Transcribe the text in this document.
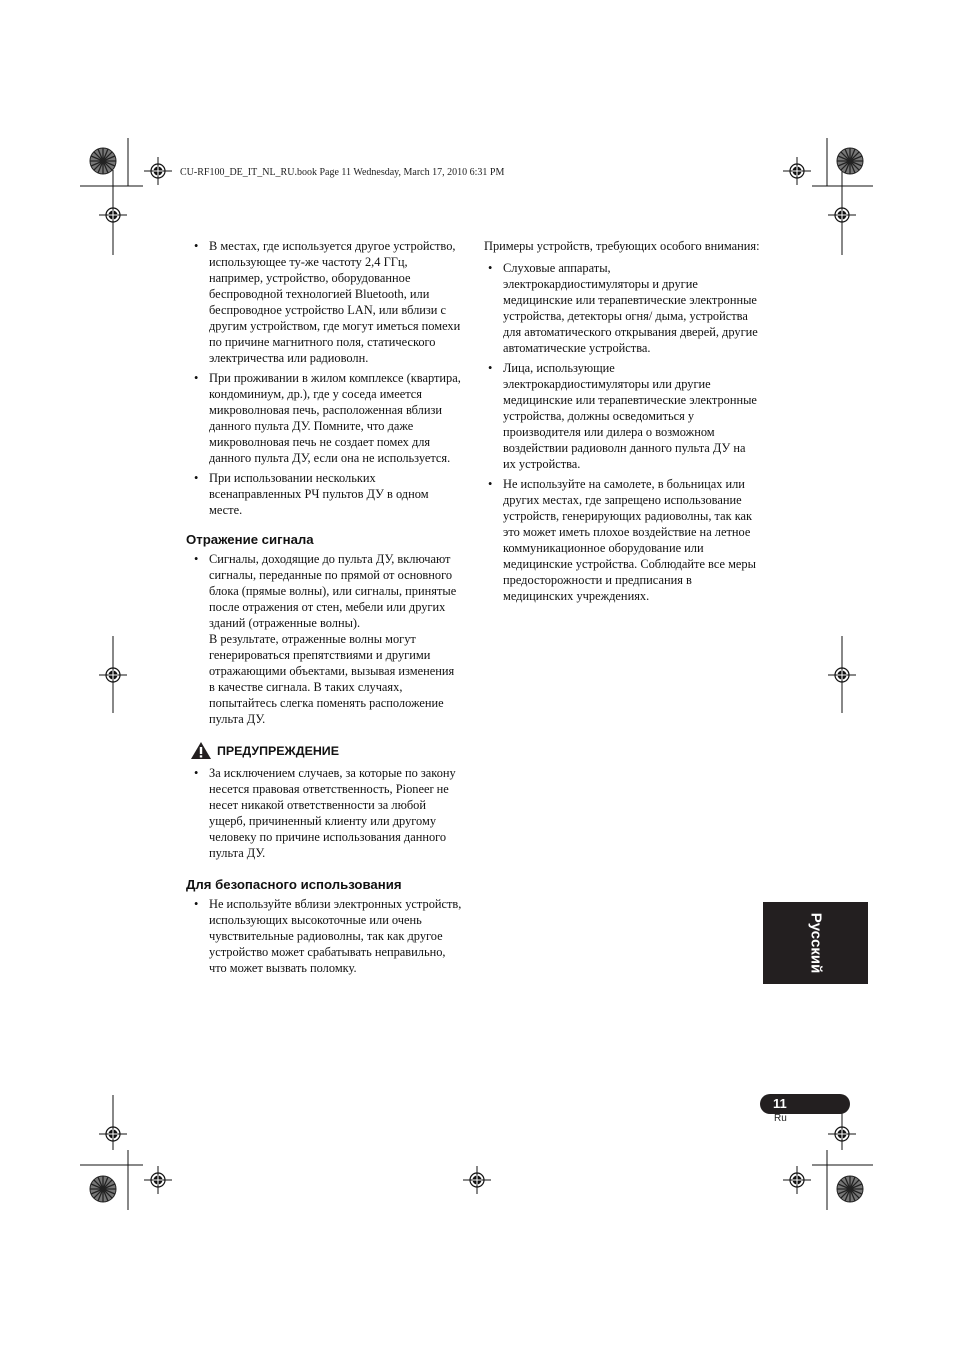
CU-RF100_DE_IT_NL_RU.book Page 11 Wednesday, March 17, 2010 6:31 PM
• В местах, где используется другое устройство, использующее ту-же частоту 2,4 ГГц, например, устройство, оборудованное беспроводной технологией Bluetooth, или беспроводное устройство LAN, или вблизи с другим устройством, где могут иметься помехи по причине магнитного поля, статического электричества или радиоволн.
• При проживании в жилом комплексе (квартира, кондоминиум, др.), где у соседа имеется микроволновая печь, расположенная вблизи данного пульта ДУ. Помните, что даже микроволновая печь не создает помех для данного пульта ДУ, если она не используется.
• При использовании нескольких всенаправленных РЧ пультов ДУ в одном месте.
Отражение сигнала
• Сигналы, доходящие до пульта ДУ, включают сигналы, переданные по прямой от основного блока (прямые волны), или сигналы, принятые после отражения от стен, мебели или других зданий (отраженные волны).
В результате, отраженные волны могут генерироваться препятствиями и другими отражающими объектами, вызывая изменения в качестве сигнала. В таких случаях, попытайтесь слегка поменять расположение пульта ДУ.
ПРЕДУПРЕЖДЕНИЕ
• За исключением случаев, за которые по закону несется правовая ответственность, Pioneer не несет никакой ответственности за любой ущерб, причиненный клиенту или другому человеку по причине использования данного пульта ДУ.
Для безопасного использования
• Не используйте вблизи электронных устройств, использующих высокоточные или очень чувствительные радиоволны, так как другое устройство может срабатывать неправильно, что может вызвать поломку.

Примеры устройств, требующих особого внимания:

• Слуховые аппараты, электрокардиостимуляторы и другие медицинские или терапевтические электронные устройства, детекторы огня/ дыма, устройства для автоматического открывания дверей, другие автоматические устройства.
• Лица, использующие электрокардиостимуляторы или другие медицинские или терапевтические электронные устройства, должны осведомиться у производителя или дилера о возможном воздействии радиоволн данного пульта ДУ на их устройства.
• Не используйте на самолете, в больницах или других местах, где запрещено использование устройств, генерирующих радиоволны, так как это может иметь плохое воздействие на летное коммуникационное оборудование или медицинские устройства. Соблюдайте все меры предосторожности и предписания в медицинских учреждениях.
Русский
11
Ru
